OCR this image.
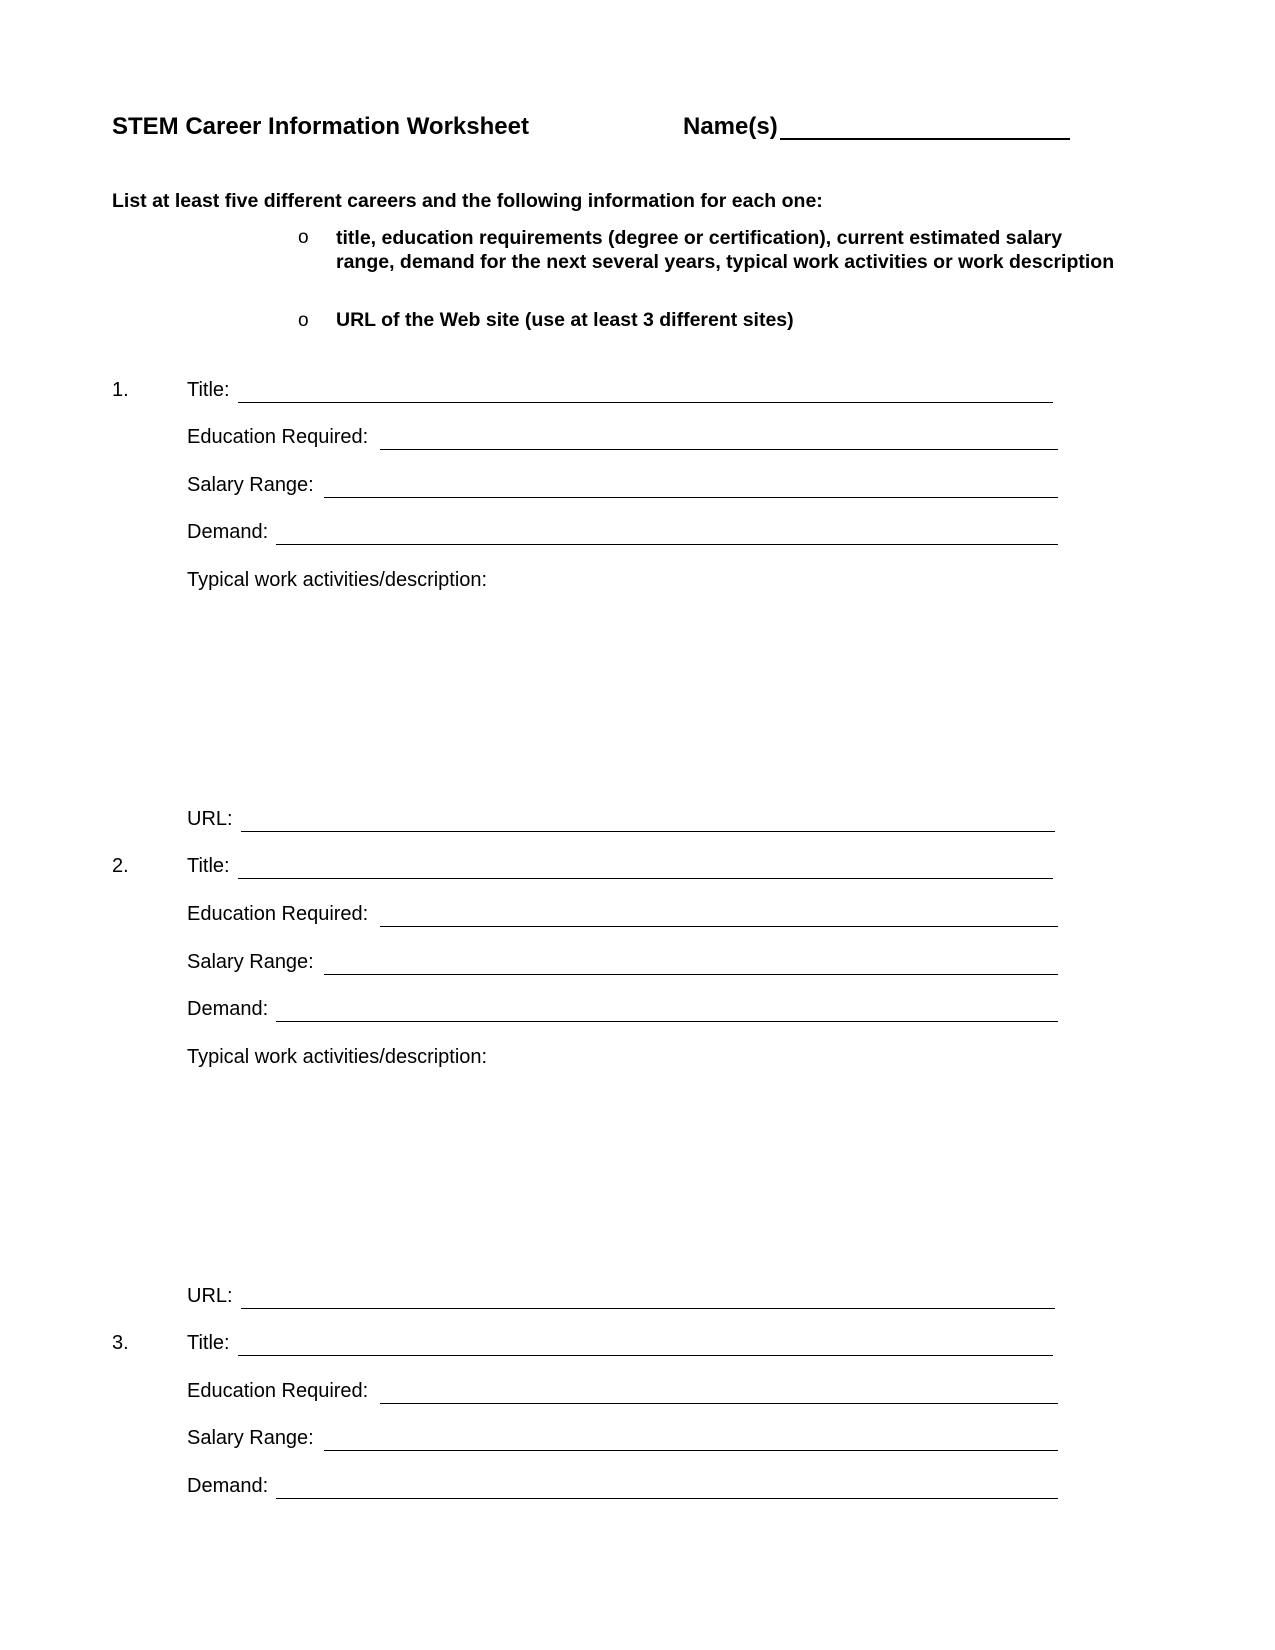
STEM Career Information Worksheet	Name(s)
List at least five different careers and the following information for each one:
o title, education requirements (degree or certification), current estimated salary range, demand for the next several years, typical work activities or work description
o URL of the Web site (use at least 3 different sites)
1.	Title:
Education Required:
Salary Range:
Demand:
Typical work activities/description:
URL:
2.	Title:
Education Required:
Salary Range:
Demand:
Typical work activities/description:
URL:
3.	Title:
Education Required:
Salary Range:
Demand:
